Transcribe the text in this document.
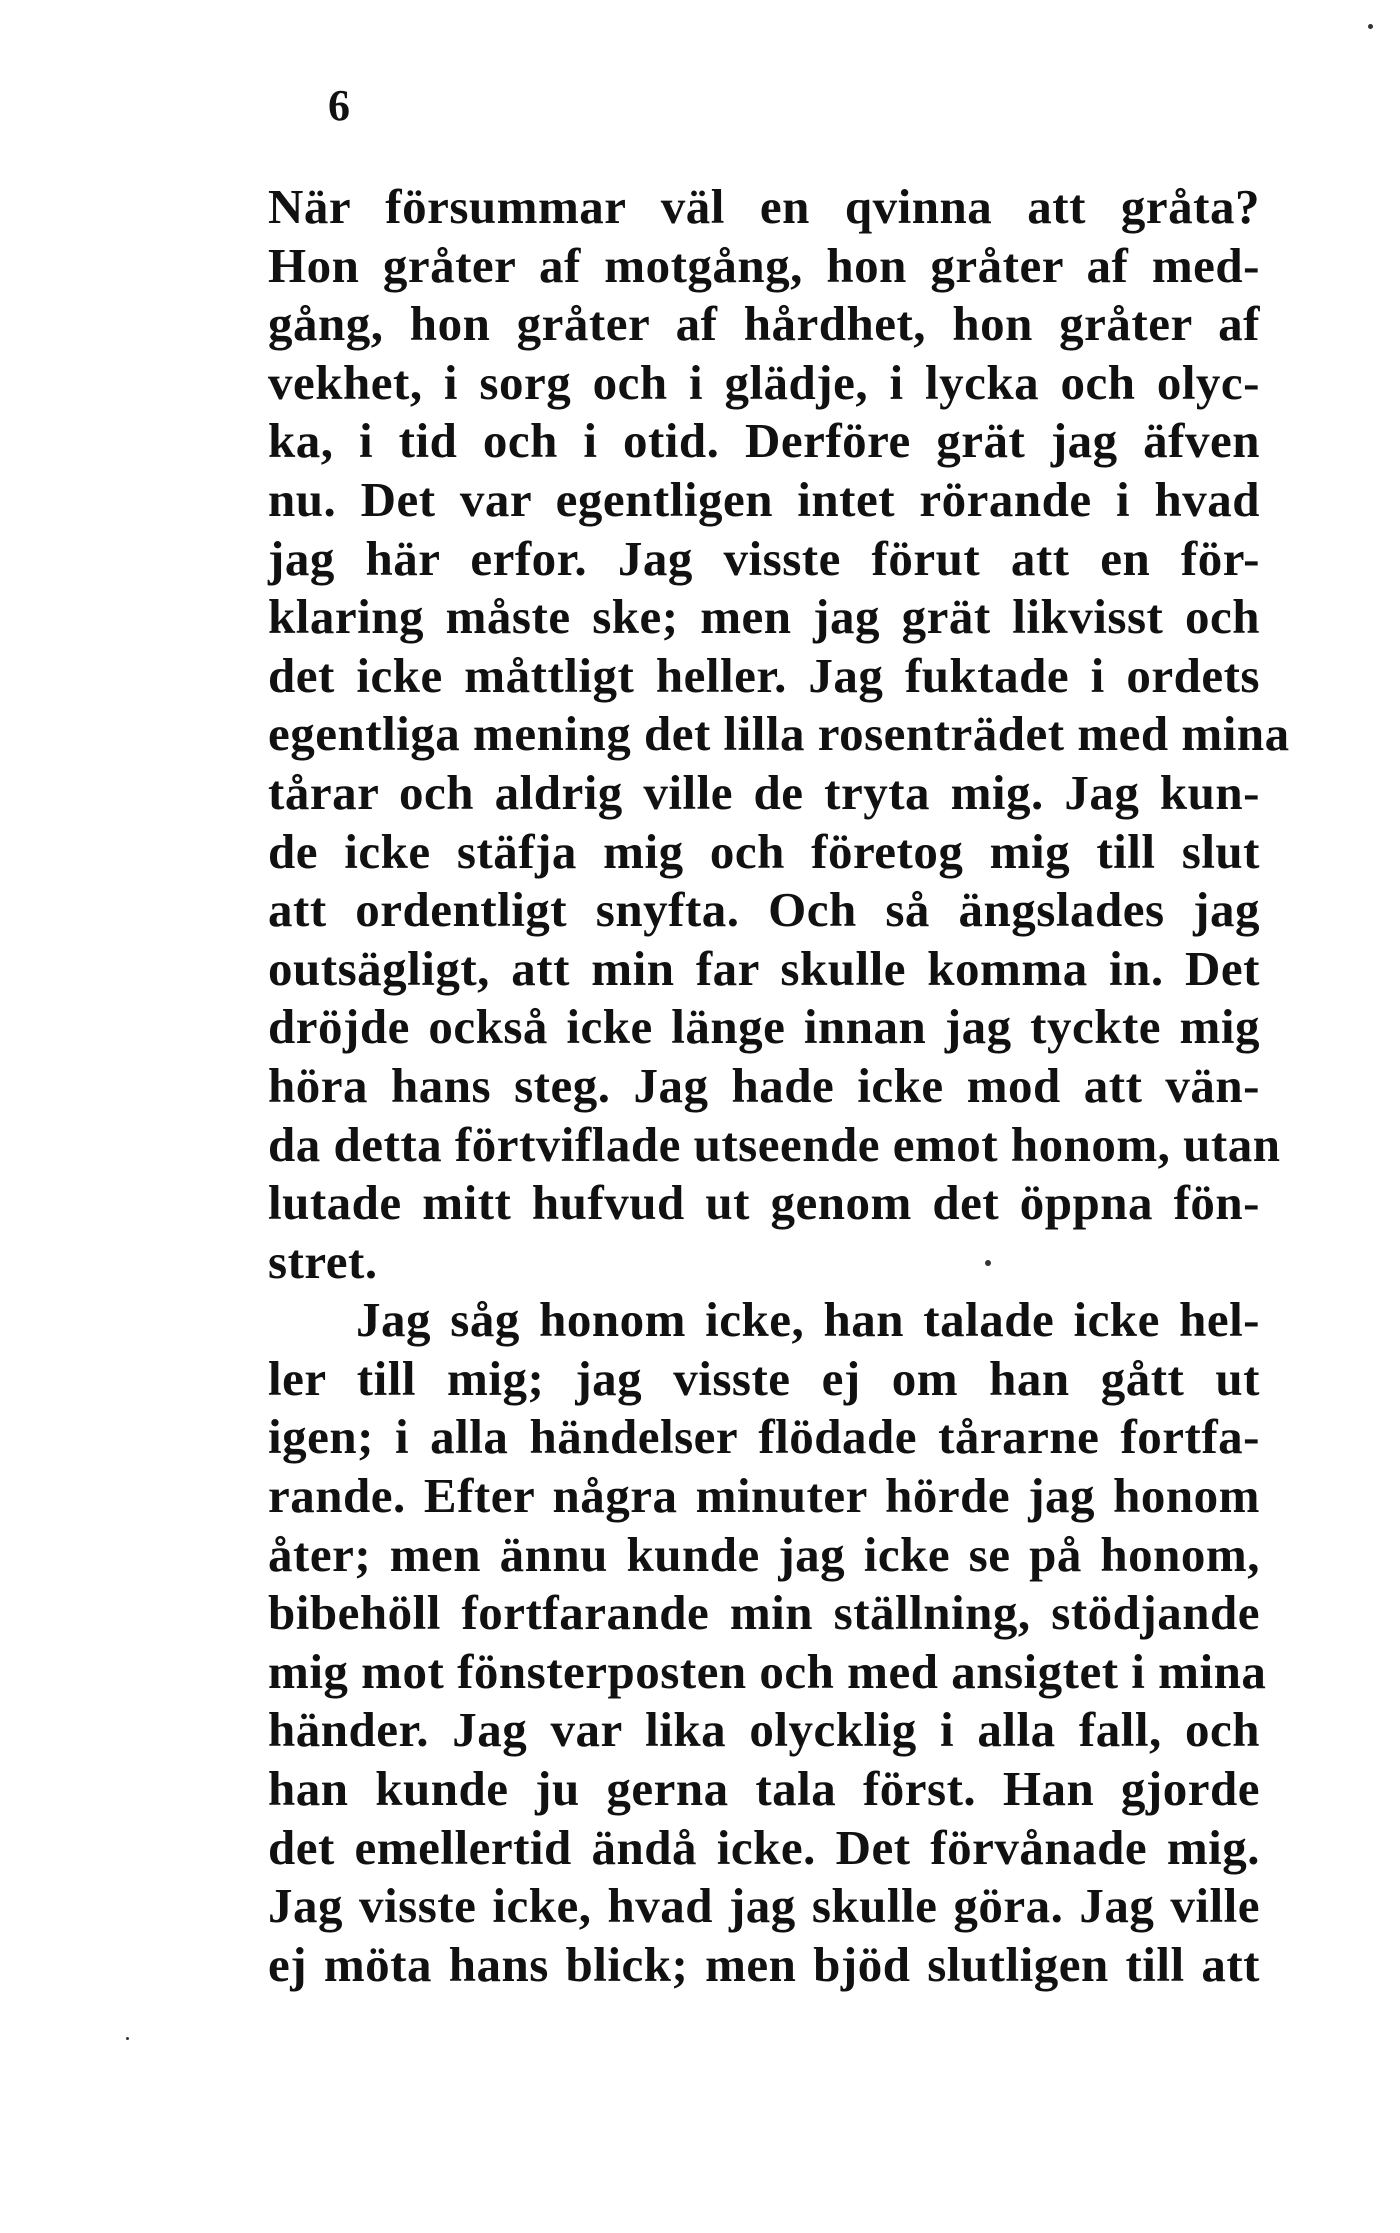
6
När försummar väl en qvinna att gråta?
Hon gråter af motgång, hon gråter af med-
gång, hon gråter af hårdhet, hon gråter af
vekhet, i sorg och i glädje, i lycka och olyc-
ka, i tid och i otid. Derföre grät jag äfven
nu. Det var egentligen intet rörande i hvad
jag här erfor. Jag visste förut att en för-
klaring måste ske; men jag grät likvisst och
det icke måttligt heller. Jag fuktade i ordets
egentliga mening det lilla rosenträdet med mina
tårar och aldrig ville de tryta mig. Jag kun-
de icke stäfja mig och företog mig till slut
att ordentligt snyfta. Och så ängslades jag
outsägligt, att min far skulle komma in. Det
dröjde också icke länge innan jag tyckte mig
höra hans steg. Jag hade icke mod att vän-
da detta förtviflade utseende emot honom, utan
lutade mitt hufvud ut genom det öppna fön-
stret.
Jag såg honom icke, han talade icke hel-
ler till mig; jag visste ej om han gått ut
igen; i alla händelser flödade tårarne fortfa-
rande. Efter några minuter hörde jag honom
åter; men ännu kunde jag icke se på honom,
bibehöll fortfarande min ställning, stödjande
mig mot fönsterposten och med ansigtet i mina
händer. Jag var lika olycklig i alla fall, och
han kunde ju gerna tala först. Han gjorde
det emellertid ändå icke. Det förvånade mig.
Jag visste icke, hvad jag skulle göra. Jag ville
ej möta hans blick; men bjöd slutligen till att
